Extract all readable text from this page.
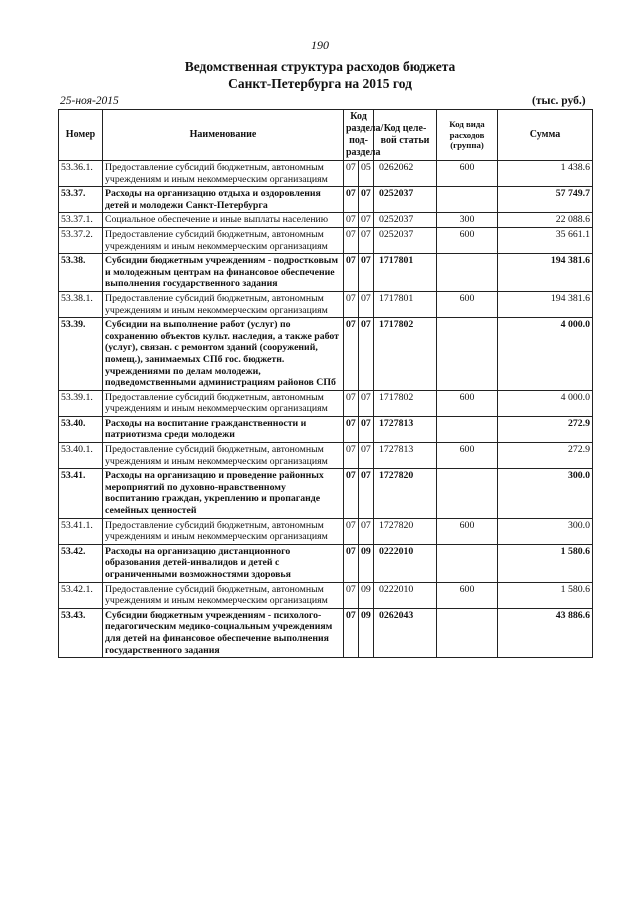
190
Ведомственная структура расходов бюджета
Санкт-Петербурга на 2015 год
25-ноя-2015	(тыс. руб.)
Номер	Наименование	Код раздела/ под-раздела		Код целе-вой статьи	Код вида расходов (группа)	Сумма
53.36.1.	Предоставление субсидий бюджетным, автономным учреждениям и иным некоммерческим организациям	07	05	0262062	600	1 438.6
53.37.	Расходы на организацию отдыха и оздоровления детей и молодежи Санкт-Петербурга	07	07	0252037		57 749.7
53.37.1.	Социальное обеспечение и иные выплаты населению	07	07	0252037	300	22 088.6
53.37.2.	Предоставление субсидий бюджетным, автономным учреждениям и иным некоммерческим организациям	07	07	0252037	600	35 661.1
53.38.	Субсидии бюджетным учреждениям - подростковым и молодежным центрам на финансовое обеспечение выполнения государственного задания	07	07	1717801		194 381.6
53.38.1.	Предоставление субсидий бюджетным, автономным учреждениям и иным некоммерческим организациям	07	07	1717801	600	194 381.6
53.39.	Субсидии на выполнение работ (услуг) по сохранению объектов культ. наследия, а также работ (услуг), связан. с ремонтом зданий (сооружений, помещ.), занимаемых СПб гос. бюджетн. учреждениями по делам молодежи, подведомственными администрациям районов СПб	07	07	1717802		4 000.0
53.39.1.	Предоставление субсидий бюджетным, автономным учреждениям и иным некоммерческим организациям	07	07	1717802	600	4 000.0
53.40.	Расходы на воспитание гражданственности и патриотизма среди молодежи	07	07	1727813		272.9
53.40.1.	Предоставление субсидий бюджетным, автономным учреждениям и иным некоммерческим организациям	07	07	1727813	600	272.9
53.41.	Расходы на организацию и проведение районных мероприятий по духовно-нравственному воспитанию граждан, укреплению и пропаганде семейных ценностей	07	07	1727820		300.0
53.41.1.	Предоставление субсидий бюджетным, автономным учреждениям и иным некоммерческим организациям	07	07	1727820	600	300.0
53.42.	Расходы на организацию дистанционного образования детей-инвалидов и детей с ограниченными возможностями здоровья	07	09	0222010		1 580.6
53.42.1.	Предоставление субсидий бюджетным, автономным учреждениям и иным некоммерческим организациям	07	09	0222010	600	1 580.6
53.43.	Субсидии бюджетным учреждениям - психолого-педагогическим медико-социальным учреждениям для детей на финансовое обеспечение выполнения государственного задания	07	09	0262043		43 886.6
